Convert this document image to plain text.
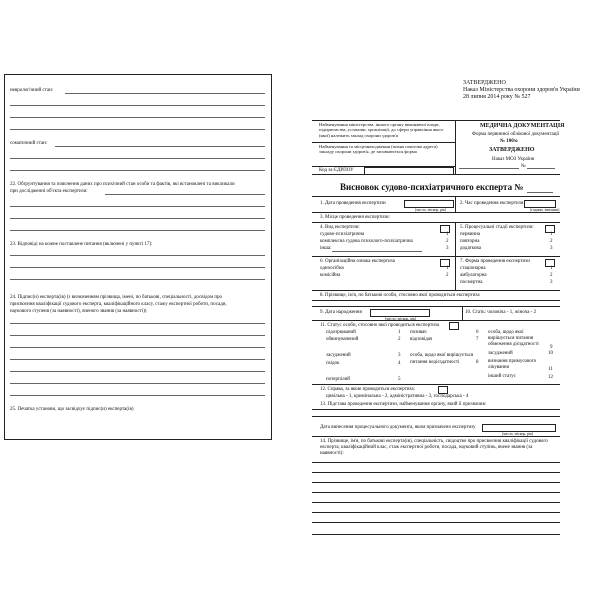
неврологічний стан:
соматичний стан:
22. Обґрунтування та пояснення даних про психічний стан особи та фактів, які встановлені та викликали
при дослідженні об'єкта експертизи:
23. Відповіді на кожне поставлене питання (включені у пункті 17):
24. Підпис(и) експерта(ів) (з визначенням прізвища, імені, по батькові, спеціальності, досвідом про
присвоєння кваліфікації судового експерта, кваліфікаційного класу, стажу експертної роботи, посади,
наукового ступеня (за наявності), вченого звання (за наявності))
25. Печатка установи, що засвідчує підпис(и) експерта(ів)
ЗАТВЕРДЖЕНО
Наказ Міністерства охорони здоров'я України
28 липня 2014 року № 527
Найменування міністерства, іншого органу виконавчої влади, підприємства, установи, організації, до сфери управління якого (якої) належить заклад охорони здоров'я
Найменування та місцезнаходження (повна поштова адреса) закладу охорони здоров'я, де заповнюється форма
Код за ЄДРПОУ
МЕДИЧНА ДОКУМЕНТАЦІЯ
Форма первинної облікової документації
№ 100/о
ЗАТВЕРДЖЕНО
Наказ МОЗ України
№
Висновок судово-психіатричного експерта №
1. Дата проведення експертизи
(число, місяць, рік)
2. Час проведення експертизи
(години, хвилини)
3. Місце проведення експертизи:
4. Вид експертизи:
судово-психіатрична
комплексна судова психолого-психіатрична
інша:
1
2
3
5. Процесуальні стадії експертизи:
первинна
повторна
додаткова
1
2
3
6. Організаційна ознака експертиза
одноосібна
комісійна
1
2
7. Форма проведення експертизи
стаціонарна
амбулаторна
посмертна
1
2
3
8. Прізвище, ім'я, по батькові особи, стосовно якої проводиться експертиза
9. Дата народження
(число, місяць, рік)
10. Стать: чоловіча - 1, жіноча - 2
11. Статус особи, стосовно якої проводиться експертиза
підозрюваний
обвинувачений
засуджений
свідок
потерпілий
1
2
3
4
5
позивач
відповідач
особа, щодо якої вирішується
питання недієздатності
6
7
8
особа, щодо якої
вирішується питання
обмеження дієздатності
засуджений
визнання примусового
лікування
інший статус
9
10
11
12
12. Справа, за якою проводиться експертиза:
цивільна - 1, кримінальна - 2, адміністративна - 3, господарська - 4
13. Підстава проведення експертизи, найменування органу, який її призначив:
Дата винесення процесуального документа, яким призначено експертизу
(число, місяць, рік)
14. Прізвище, ім'я, по батькові експерта(ів), спеціальність, свідоцтво про присвоєння кваліфікації судового експерта, кваліфікаційний клас, стаж експертної роботи, посада, науковий ступінь, вчене звання (за наявності):
